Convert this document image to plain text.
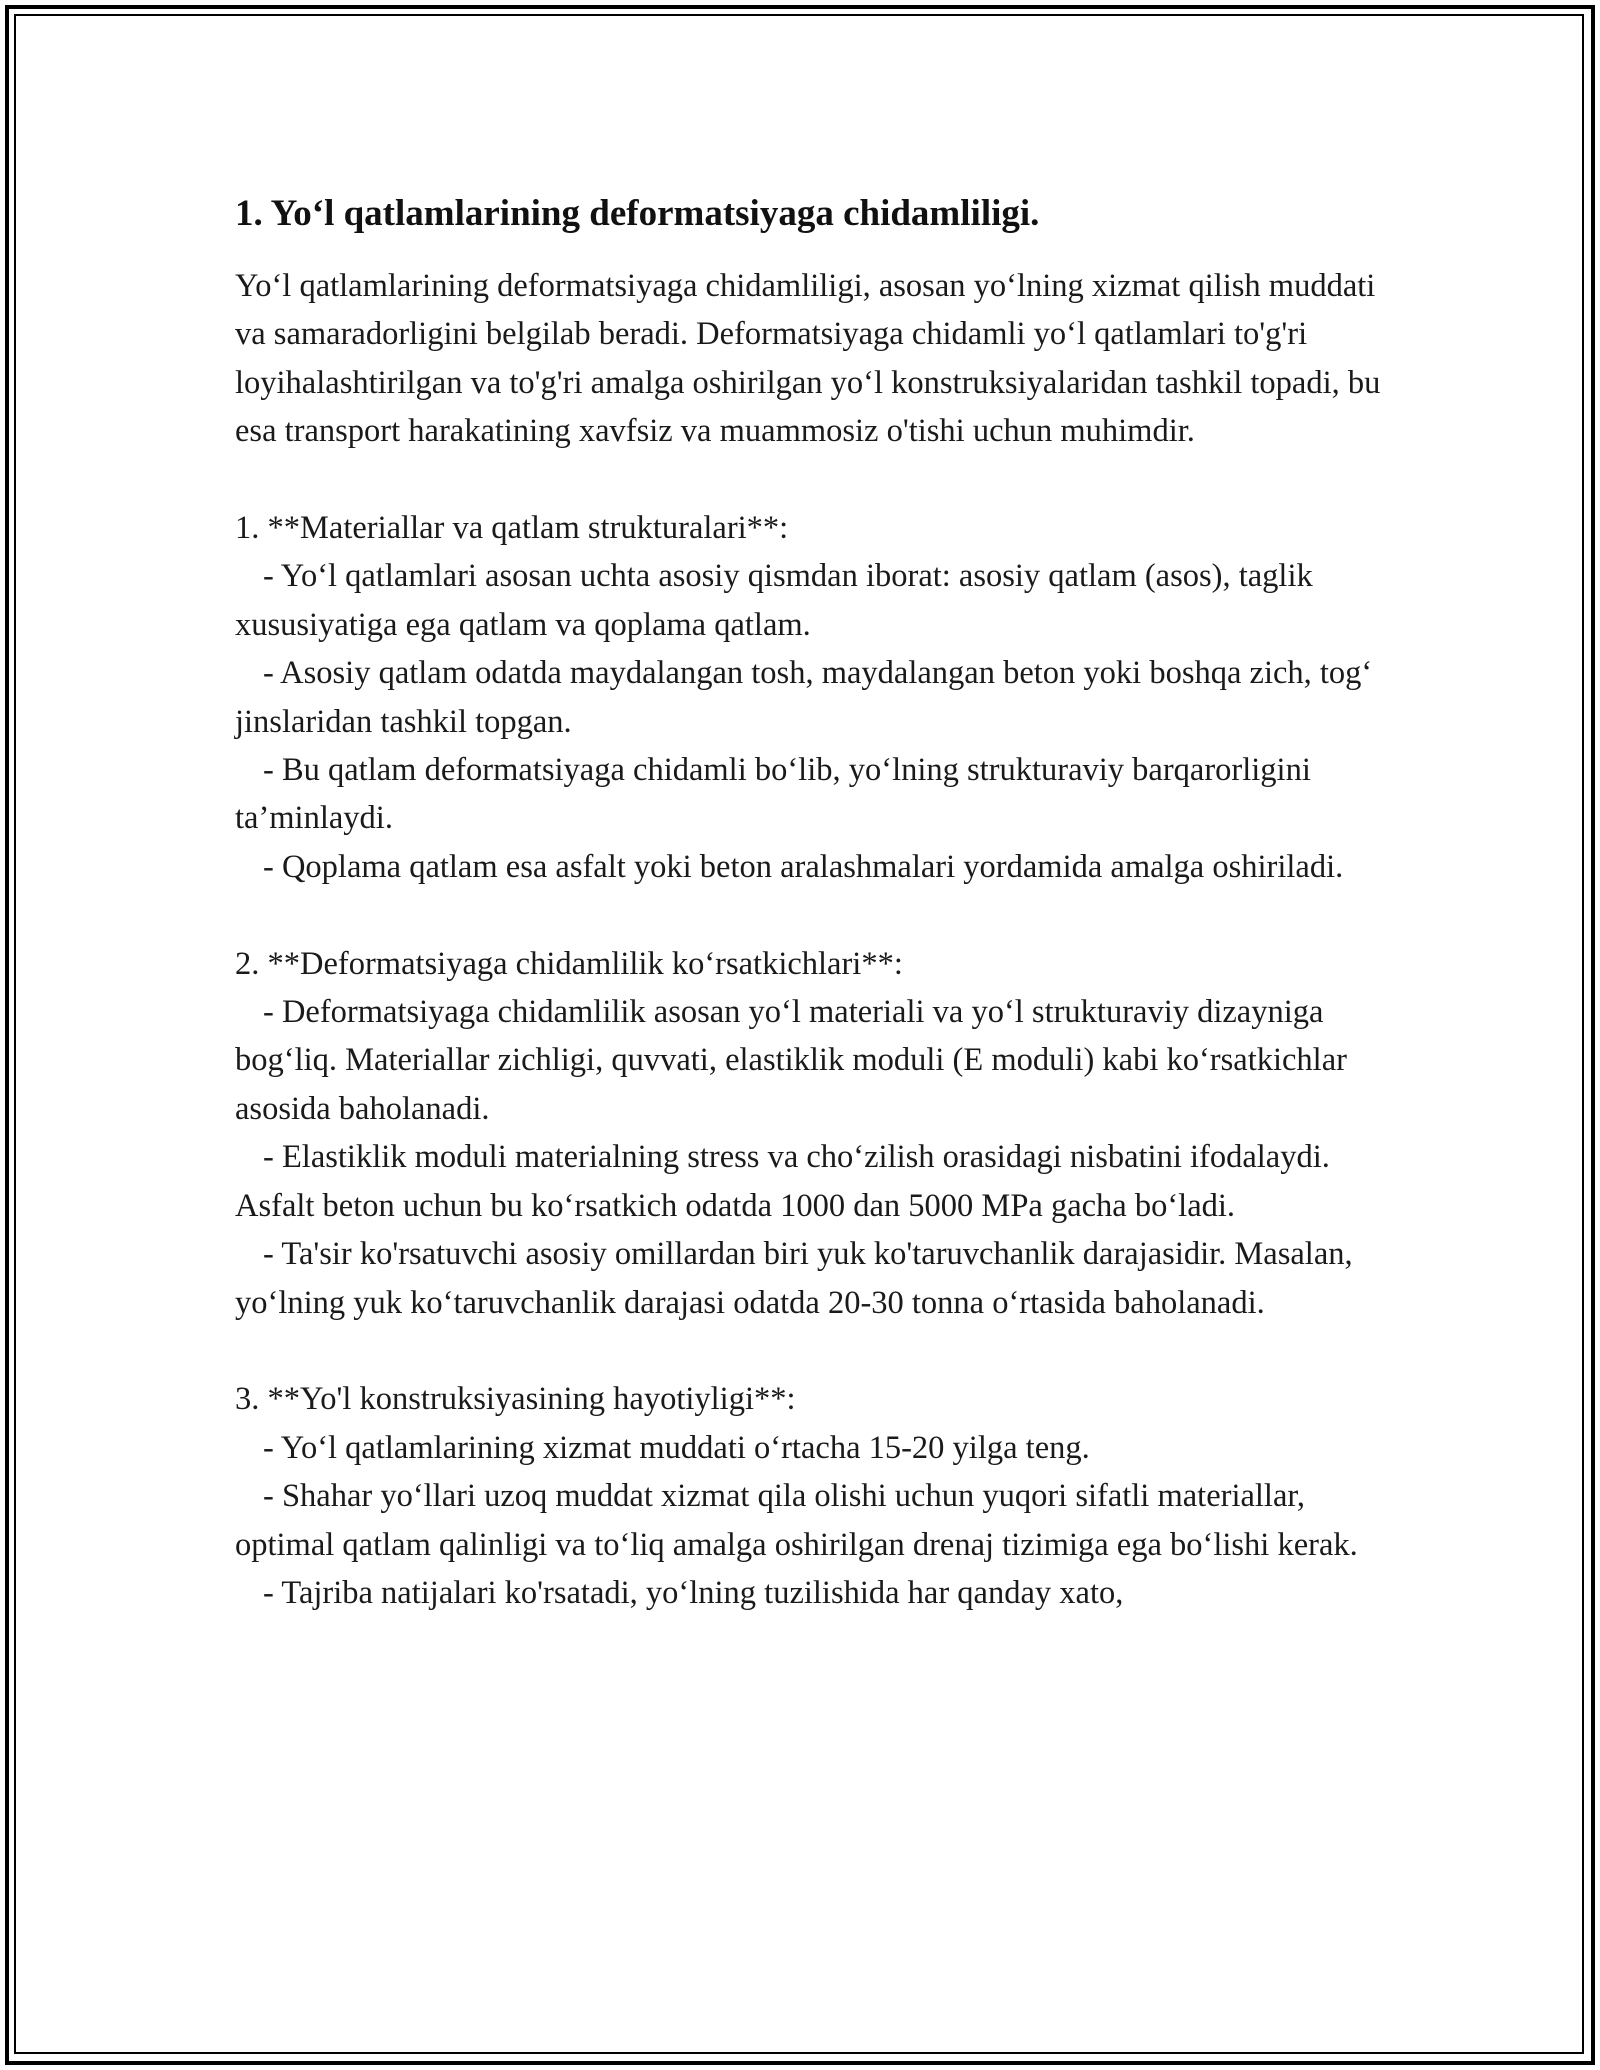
1. Yo‘l qatlamlarining deformatsiyaga chidamliligi.

Yo‘l qatlamlarining deformatsiyaga chidamliligi, asosan yo‘lning xizmat qilish muddati va samaradorligini belgilab beradi. Deformatsiyaga chidamli yo‘l qatlamlari to'g'ri loyihalashtirilgan va to'g'ri amalga oshirilgan yo‘l konstruksiyalaridan tashkil topadi, bu esa transport harakatining xavfsiz va muammosiz o'tishi uchun muhimdir.

1. **Materiallar va qatlam strukturalari**:

- Yo‘l qatlamlari asosan uchta asosiy qismdan iborat: asosiy qatlam (asos), taglik xususiyatiga ega qatlam va qoplama qatlam.

- Asosiy qatlam odatda maydalangan tosh, maydalangan beton yoki boshqa zich, tog‘ jinslaridan tashkil topgan.

- Bu qatlam deformatsiyaga chidamli bo‘lib, yo‘lning strukturaviy barqarorligini ta’minlaydi.

- Qoplama qatlam esa asfalt yoki beton aralashmalari yordamida amalga oshiriladi.

2. **Deformatsiyaga chidamlilik ko‘rsatkichlari**:

- Deformatsiyaga chidamlilik asosan yo‘l materiali va yo‘l strukturaviy dizayniga bog‘liq. Materiallar zichligi, quvvati, elastiklik moduli (E moduli) kabi ko‘rsatkichlar asosida baholanadi.

- Elastiklik moduli materialning stress va cho‘zilish orasidagi nisbatini ifodalaydi. Asfalt beton uchun bu ko‘rsatkich odatda 1000 dan 5000 MPa gacha bo‘ladi.

- Ta'sir ko'rsatuvchi asosiy omillardan biri yuk ko'taruvchanlik darajasidir. Masalan, yo‘lning yuk ko‘taruvchanlik darajasi odatda 20-30 tonna o‘rtasida baholanadi.

3. **Yo'l konstruksiyasining hayotiyligi**:

- Yo‘l qatlamlarining xizmat muddati o‘rtacha 15-20 yilga teng.

- Shahar yo‘llari uzoq muddat xizmat qila olishi uchun yuqori sifatli materiallar, optimal qatlam qalinligi va to‘liq amalga oshirilgan drenaj tizimiga ega bo‘lishi kerak.

- Tajriba natijalari ko'rsatadi, yo‘lning tuzilishida har qanday xato,
